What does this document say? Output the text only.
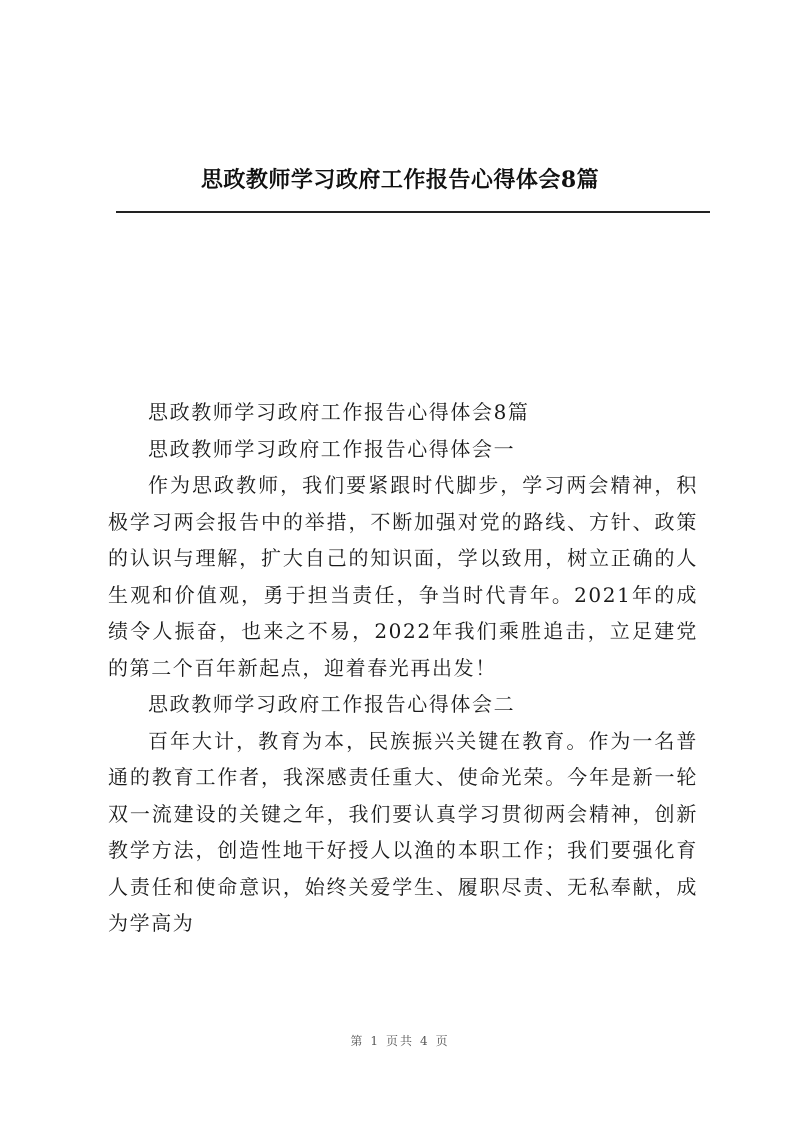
思政教师学习政府工作报告心得体会8篇

思政教师学习政府工作报告心得体会8篇

思政教师学习政府工作报告心得体会一

作为思政教师，我们要紧跟时代脚步，学习两会精神，积极学习两会报告中的举措，不断加强对党的路线、方针、政策的认识与理解，扩大自己的知识面，学以致用，树立正确的人生观和价值观，勇于担当责任，争当时代青年。2021年的成绩令人振奋，也来之不易，2022年我们乘胜追击，立足建党的第二个百年新起点，迎着春光再出发！

思政教师学习政府工作报告心得体会二

百年大计，教育为本，民族振兴关键在教育。作为一名普通的教育工作者，我深感责任重大、使命光荣。今年是新一轮双一流建设的关键之年，我们要认真学习贯彻两会精神，创新教学方法，创造性地干好授人以渔的本职工作；我们要强化育人责任和使命意识，始终关爱学生、履职尽责、无私奉献，成为学高为

第 1 页共 4 页
